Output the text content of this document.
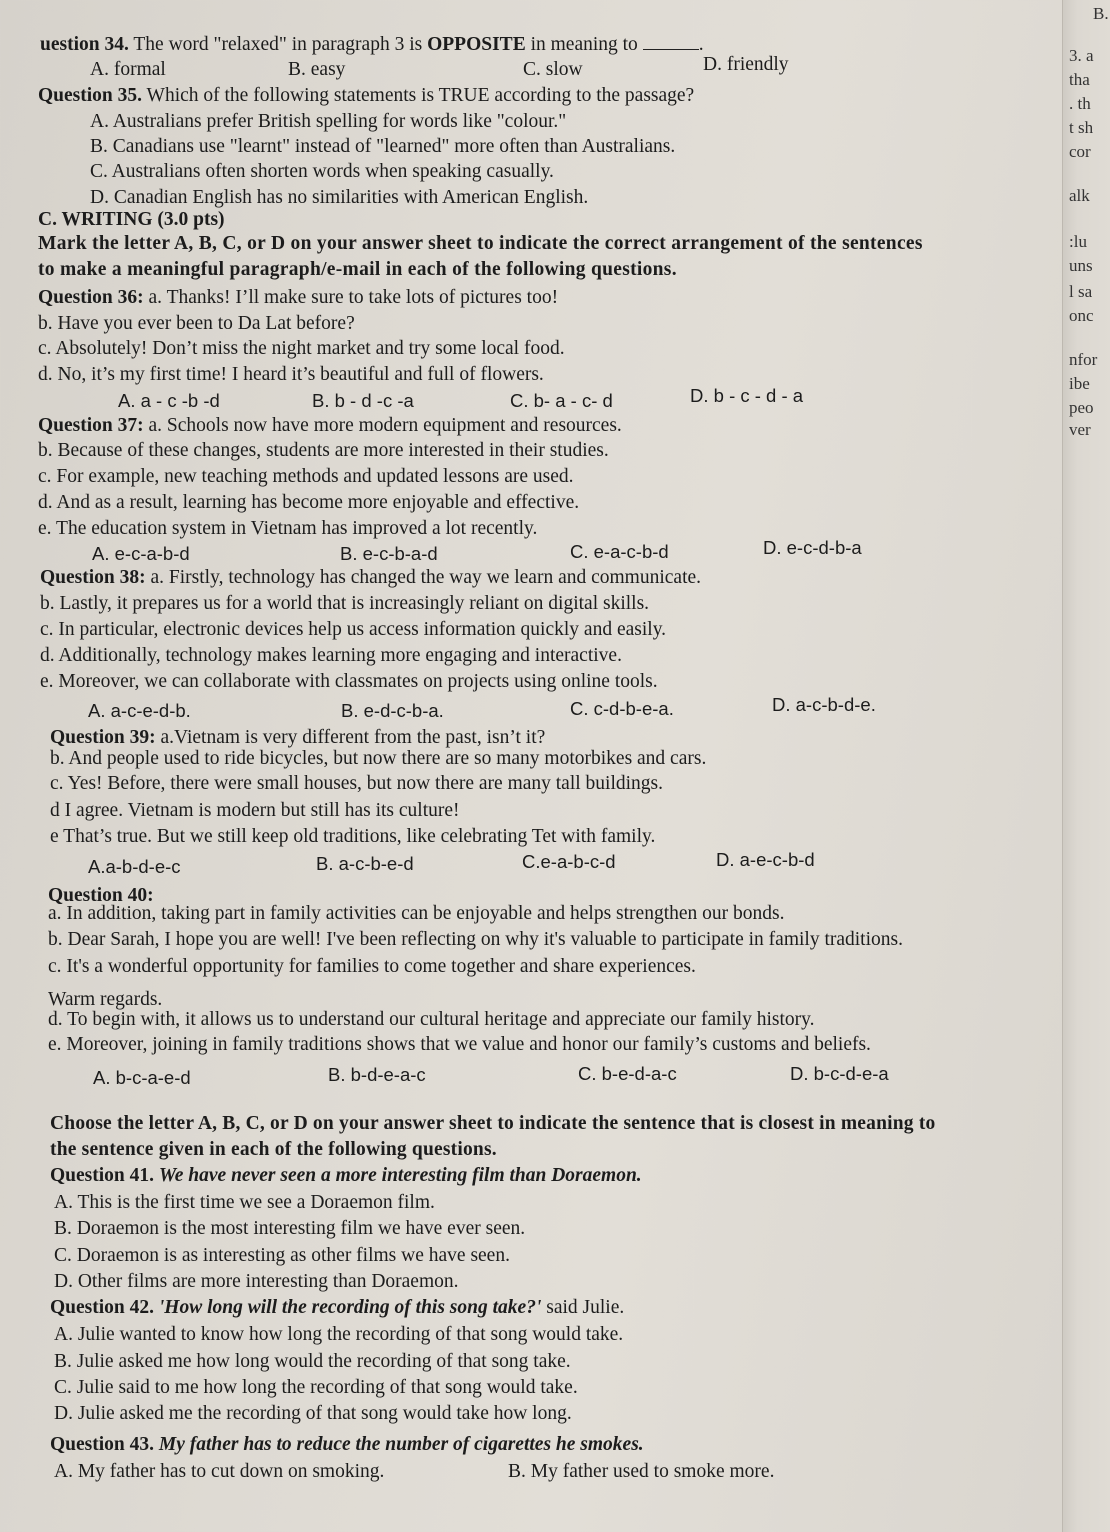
uestion 34. The word "relaxed" in paragraph 3 is OPPOSITE in meaning to	.
A. formal	B. easy	C. slow	D. friendly
Question 35. Which of the following statements is TRUE according to the passage?
A. Australians prefer British spelling for words like "colour."
B. Canadians use "learnt" instead of "learned" more often than Australians.
C. Australians often shorten words when speaking casually.
D. Canadian English has no similarities with American English.
C. WRITING (3.0 pts)
Mark the letter A, B, C, or D on your answer sheet to indicate the correct arrangement of the sentences
to make a meaningful paragraph/e-mail in each of the following questions.
Question 36: a. Thanks! I’ll make sure to take lots of pictures too!
b. Have you ever been to Da Lat before?
c. Absolutely! Don’t miss the night market and try some local food.
d. No, it’s my first time! I heard it’s beautiful and full of flowers.
A. a - c -b -d	B. b - d -c -a	C. b- a - c- d	D. b - c - d - a
Question 37: a. Schools now have more modern equipment and resources.
b. Because of these changes, students are more interested in their studies.
c. For example, new teaching methods and updated lessons are used.
d. And as a result, learning has become more enjoyable and effective.
e. The education system in Vietnam has improved a lot recently.
A. e-c-a-b-d	B. e-c-b-a-d	C. e-a-c-b-d	D. e-c-d-b-a
Question 38: a. Firstly, technology has changed the way we learn and communicate.
b. Lastly, it prepares us for a world that is increasingly reliant on digital skills.
c. In particular, electronic devices help us access information quickly and easily.
d. Additionally, technology makes learning more engaging and interactive.
e. Moreover, we can collaborate with classmates on projects using online tools.
A. a-c-e-d-b.	B. e-d-c-b-a.	C. c-d-b-e-a.	D. a-c-b-d-e.
Question 39: a.Vietnam is very different from the past, isn’t it?
b. And people used to ride bicycles, but now there are so many motorbikes and cars.
c. Yes! Before, there were small houses, but now there are many tall buildings.
d I agree. Vietnam is modern but still has its culture!
e That’s true. But we still keep old traditions, like celebrating Tet with family.
A.a-b-d-e-c	B. a-c-b-e-d	C.e-a-b-c-d	D. a-e-c-b-d
Question 40:
a. In addition, taking part in family activities can be enjoyable and helps strengthen our bonds.
b. Dear Sarah, I hope you are well! I've been reflecting on why it's valuable to participate in family traditions.
c. It's a wonderful opportunity for families to come together and share experiences.
Warm regards.
d. To begin with, it allows us to understand our cultural heritage and appreciate our family history.
e. Moreover, joining in family traditions shows that we value and honor our family’s customs and beliefs.
A. b-c-a-e-d	B. b-d-e-a-c	C. b-e-d-a-c	D. b-c-d-e-a
Choose the letter A, B, C, or D on your answer sheet to indicate the sentence that is closest in meaning to
the sentence given in each of the following questions.
Question 41. We have never seen a more interesting film than Doraemon.
A. This is the first time we see a Doraemon film.
B. Doraemon is the most interesting film we have ever seen.
C. Doraemon is as interesting as other films we have seen.
D. Other films are more interesting than Doraemon.
Question 42. 'How long will the recording of this song take?' said Julie.
A. Julie wanted to know how long the recording of that song would take.
B. Julie asked me how long would the recording of that song take.
C. Julie said to me how long the recording of that song would take.
D. Julie asked me the recording of that song would take how long.
Question 43. My father has to reduce the number of cigarettes he smokes.
A. My father has to cut down on smoking.	B. My father used to smoke more.
B.
3. a
tha
. th
t sh
cor
alk
:lu
uns
l sa
onc
nfor
ibe
peo
ver
